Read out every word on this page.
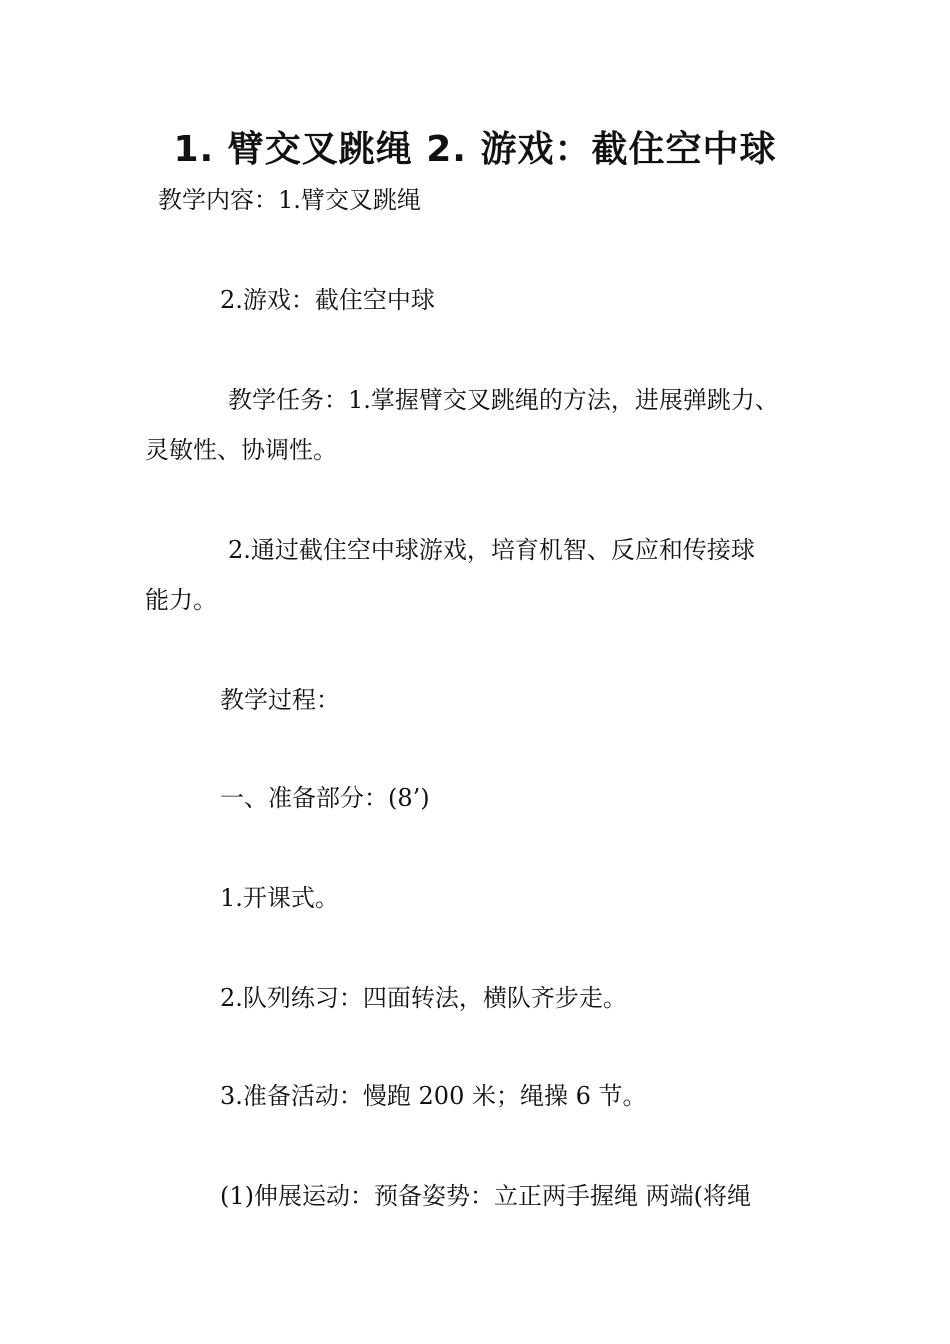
1. 臂交叉跳绳 2. 游戏：截住空中球
教学内容：1.臂交叉跳绳
2.游戏：截住空中球
教学任务：1.掌握臂交叉跳绳的方法，进展弹跳力、
灵敏性、协调性。
2.通过截住空中球游戏，培育机智、反应和传接球
能力。
教学过程：
一、准备部分：(8’)
1.开课式。
2.队列练习：四面转法，横队齐步走。
3.准备活动：慢跑 200 米；绳操 6 节。
(1)伸展运动：预备姿势：立正两手握绳 两端(将绳
